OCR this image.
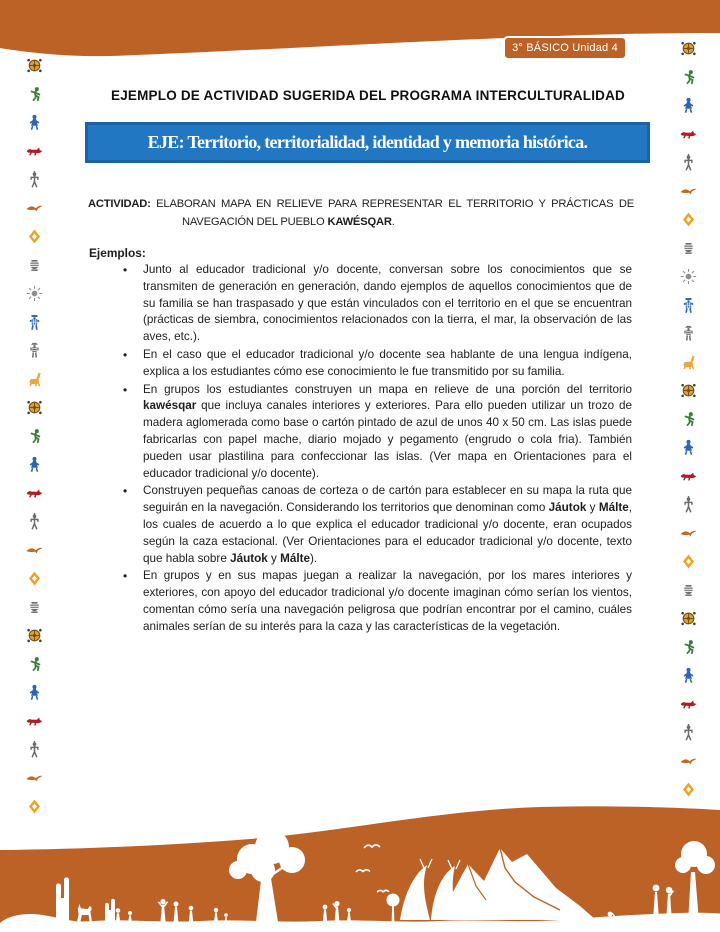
3° BÁSICO Unidad 4
EJEMPLO DE ACTIVIDAD SUGERIDA DEL PROGRAMA INTERCULTURALIDAD
EJE: Territorio, territorialidad, identidad y memoria histórica.

ACTIVIDAD: ELABORAN MAPA EN RELIEVE PARA REPRESENTAR EL TERRITORIO Y PRÁCTICAS DE NAVEGACIÓN DEL PUEBLO KAWÉSQAR.

Ejemplos:
• Junto al educador tradicional y/o docente, conversan sobre los conocimientos que se transmiten de generación en generación, dando ejemplos de aquellos conocimientos que de su familia se han traspasado y que están vinculados con el territorio en el que se encuentran (prácticas de siembra, conocimientos relacionados con la tierra, el mar, la observación de las aves, etc.).
• En el caso que el educador tradicional y/o docente sea hablante de una lengua indígena, explica a los estudiantes cómo ese conocimiento le fue transmitido por su familia.
• En grupos los estudiantes construyen un mapa en relieve de una porción del territorio kawésqar que incluya canales interiores y exteriores. Para ello pueden utilizar un trozo de madera aglomerada como base o cartón pintado de azul de unos 40 x 50 cm. Las islas puede fabricarlas con papel mache, diario mojado y pegamento (engrudo o cola fria). También pueden usar plastilina para confeccionar las islas. (Ver mapa en Orientaciones para el educador tradicional y/o docente).
• Construyen pequeñas canoas de corteza o de cartón para establecer en su mapa la ruta que seguirán en la navegación. Considerando los territorios que denominan como Jáutok y Málte, los cuales de acuerdo a lo que explica el educador tradicional y/o docente, eran ocupados según la caza estacional. (Ver Orientaciones para el educador tradicional y/o docente, texto que habla sobre Jáutok y Málte).
• En grupos y en sus mapas juegan a realizar la navegación, por los mares interiores y exteriores, con apoyo del educador tradicional y/o docente imaginan cómo serían los vientos, comentan cómo sería una navegación peligrosa que podrían encontrar por el camino, cuáles animales serían de su interés para la caza y las características de la vegetación.
